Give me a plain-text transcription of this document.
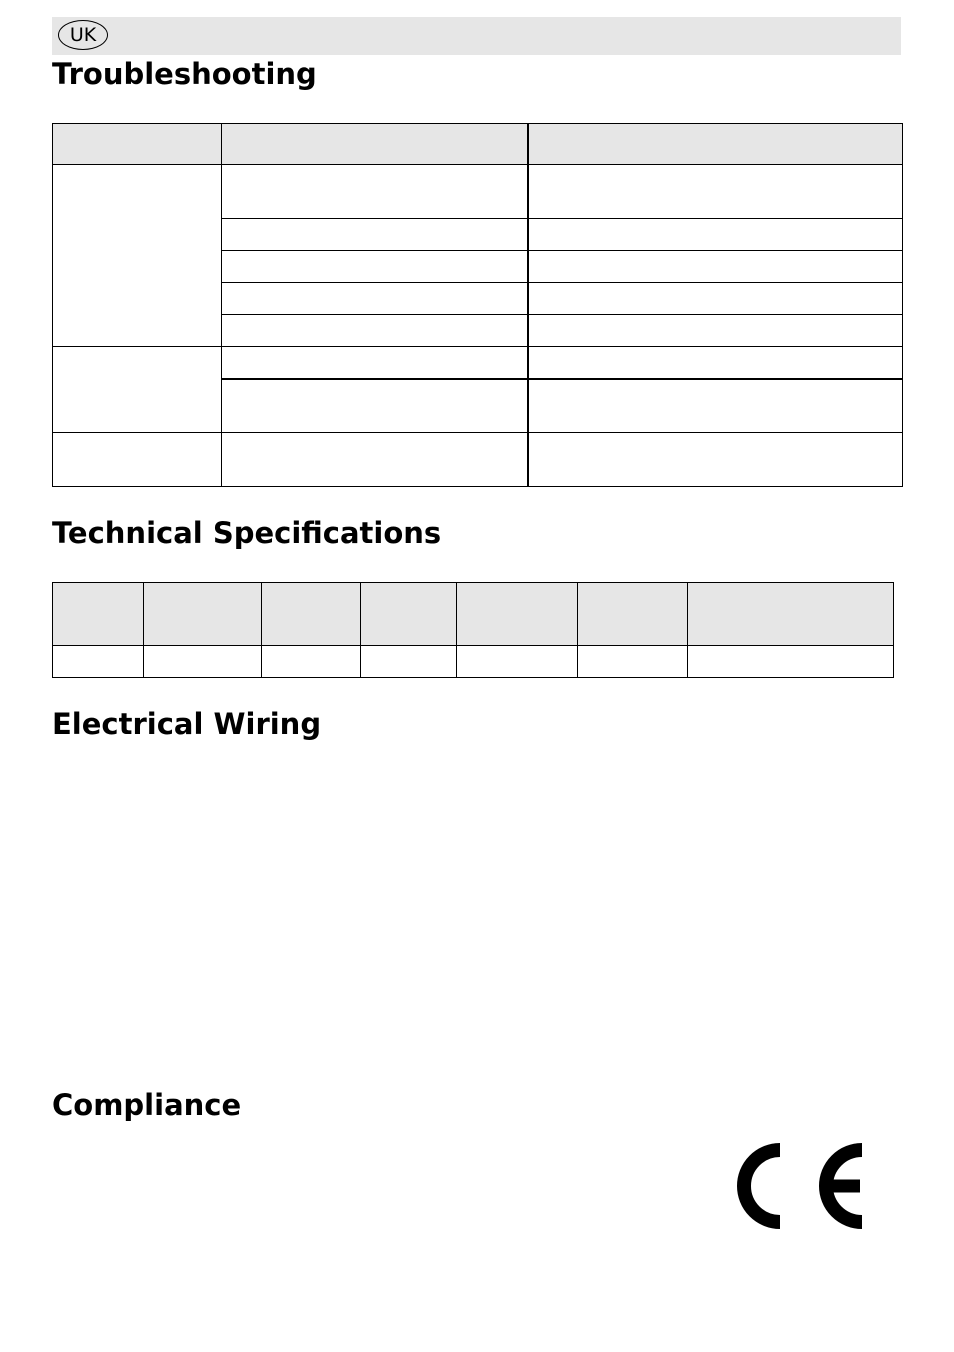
UK
Troubleshooting

Technical Specifications

Electrical Wiring
Compliance
